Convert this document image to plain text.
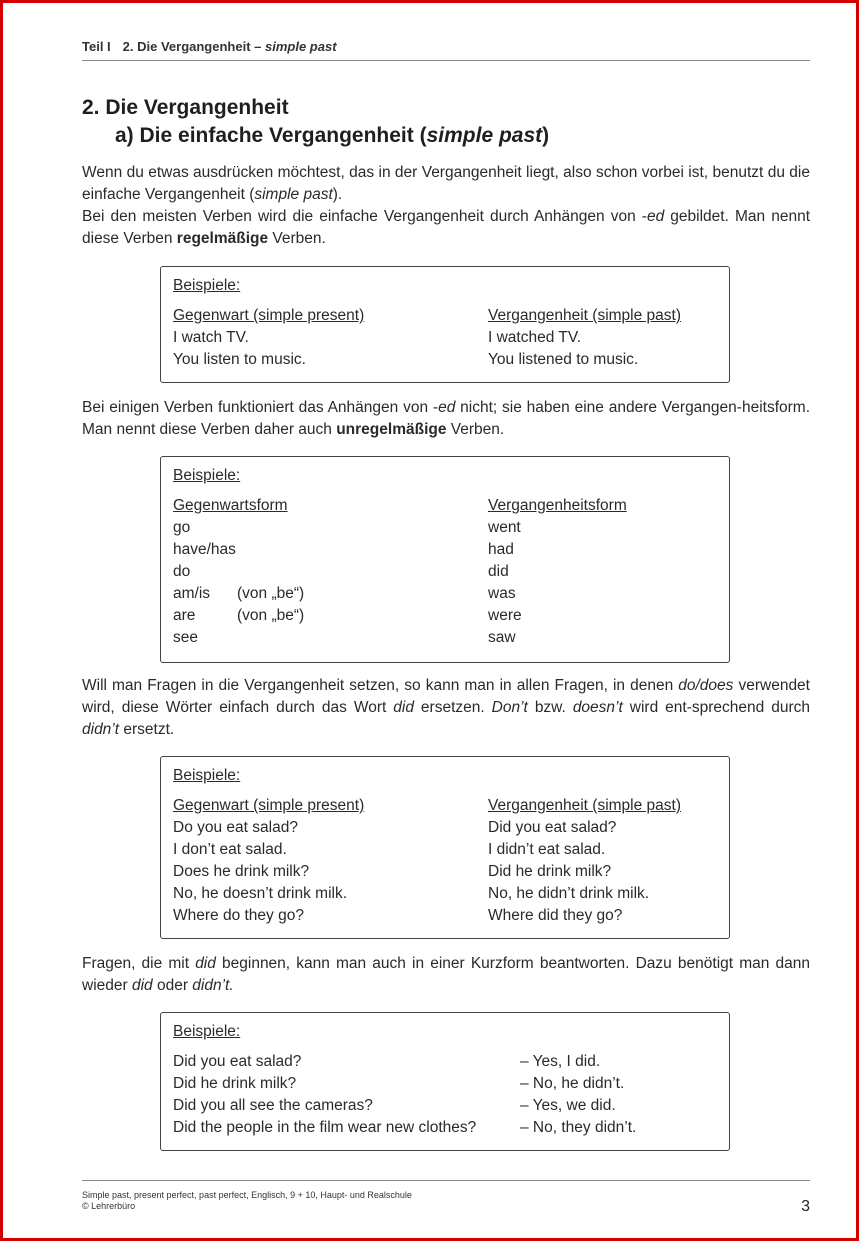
Teil I 2. Die Vergangenheit – simple past
2. Die Vergangenheit
a) Die einfache Vergangenheit (simple past)
Wenn du etwas ausdrücken möchtest, das in der Vergangenheit liegt, also schon vorbei ist, benutzt du die einfache Vergangenheit (simple past).
Bei den meisten Verben wird die einfache Vergangenheit durch Anhängen von -ed gebildet. Man nennt diese Verben regelmäßige Verben.
Beispiele:
Gegenwart (simple present)	Vergangenheit (simple past)
I watch TV.	I watched TV.
You listen to music.	You listened to music.
Bei einigen Verben funktioniert das Anhängen von -ed nicht; sie haben eine andere Vergangen-heitsform. Man nennt diese Verben daher auch unregelmäßige Verben.
Beispiele:
Gegenwartsform	Vergangenheitsform
go	went
have/has	had
do	did
am/is (von „be“)	was
are	(von „be“)	were
see	saw
Will man Fragen in die Vergangenheit setzen, so kann man in allen Fragen, in denen do/does verwendet wird, diese Wörter einfach durch das Wort did ersetzen. Don’t bzw. doesn’t wird ent-sprechend durch didn’t ersetzt.
Beispiele:
Gegenwart (simple present)	Vergangenheit (simple past)
Do you eat salad?	Did you eat salad?
I don’t eat salad.	I didn’t eat salad.
Does he drink milk?	Did he drink milk?
No, he doesn’t drink milk.	No, he didn’t drink milk.
Where do they go?	Where did they go?
Fragen, die mit did beginnen, kann man auch in einer Kurzform beantworten. Dazu benötigt man dann wieder did oder didn’t.
Beispiele:
Did you eat salad?	– Yes, I did.
Did he drink milk?	– No, he didn’t.
Did you all see the cameras?	– Yes, we did.
Did the people in the film wear new clothes?	– No, they didn’t.
Simple past, present perfect, past perfect, Englisch, 9 + 10, Haupt- und Realschule
© Lehrerbüro	3
